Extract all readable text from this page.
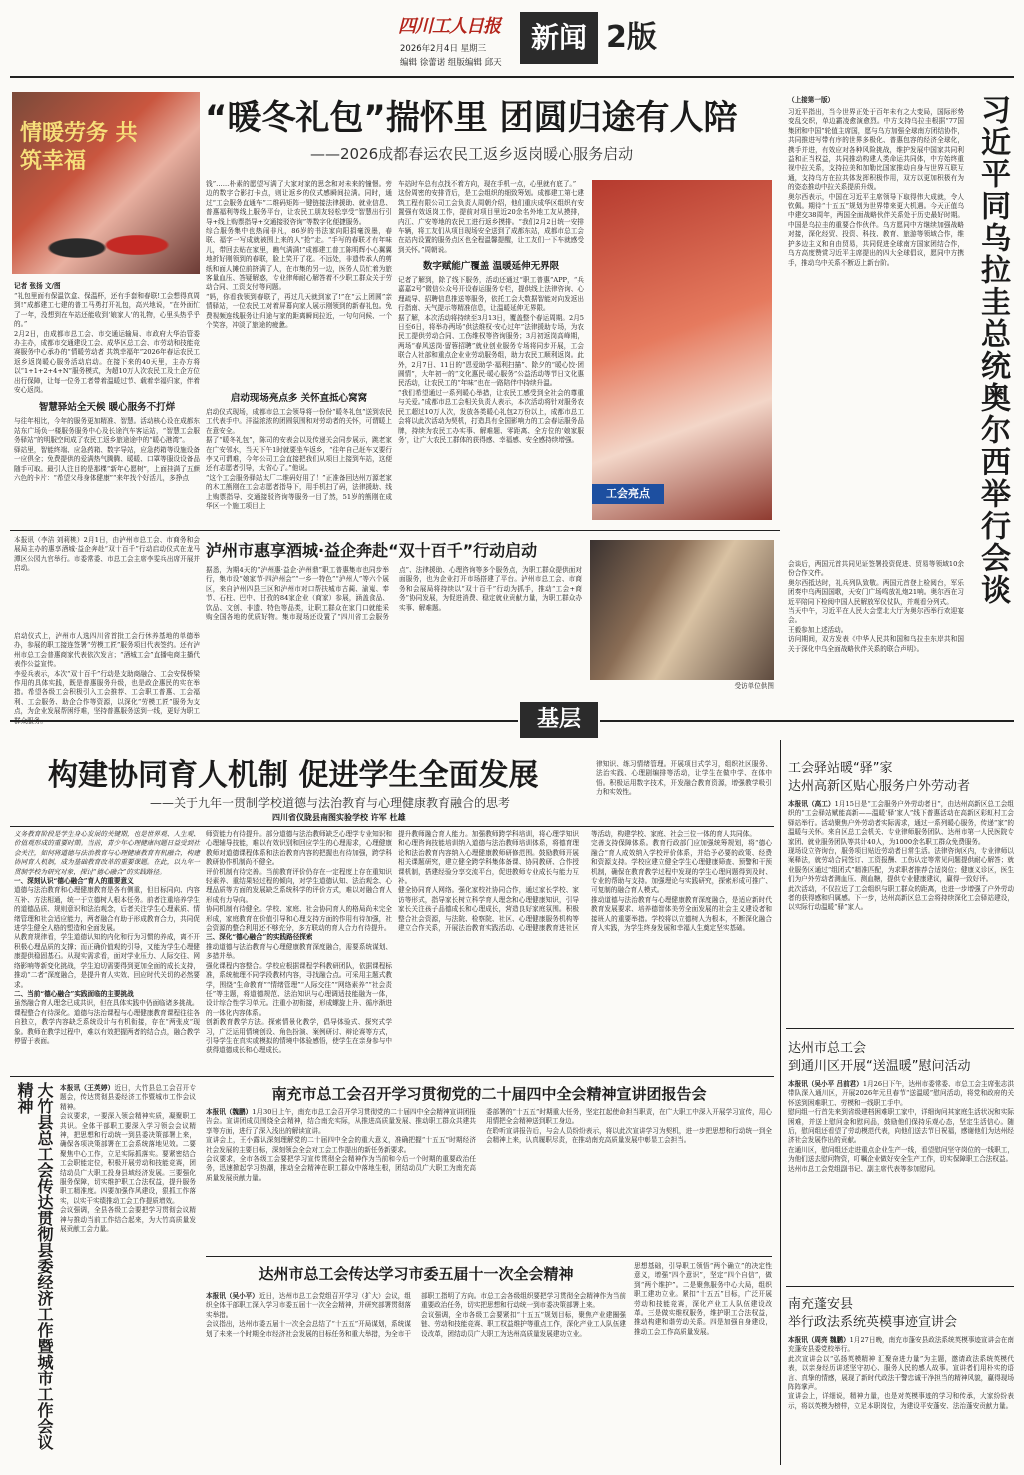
四川工人日报
2026年2月4日 星期三
编辑 徐蕾诺 组版编辑 邱天
新闻 2版
情暖劳务 共筑幸福
“暖冬礼包”揣怀里 团圆归途有人陪
——2026成都春运农民工返乡返岗暖心服务启动
记者 张扬 文/图

“礼包里面有保温饮盒、保温杯，还有手套和春联!工会想得真周到!”成都建工七建的普工马勇打开礼包，高兴地说，“在外面忙了一年，没想到在车站还能收到‘娘家人’的礼物，心里头热乎乎的。”
2月2日，由成都市总工会、市交通运输局、市政府大华治管委办主办，成都市交通建设工会、成华区总工会、市劳动和技能竞赛服务中心承办的“情暖劳动者 共筑幸福年”2026年春运农民工返乡返岗暖心服务活动启动。在接下来的40天里，主办方将以“1+1+2+4+N”服务模式，为超10万人次农民工及土企方位出行保障，让每一位务工者带着温暖过节、载着幸福归家，伴着安心返岗。

智慧驿站全天候 暖心服务不打烊

与往年相比，今年的服务更加精准、智慧。活动核心设在成都东站东广场负一楼服务服务中心及长途汽车客运站，“智慧工会服务驿站”的明服空间成了农民工返乡旅途途中的“暖心港湾”。
驿站里，智能终端、应急药箱、数字导站，应急药箱等设施设备一应俱全；免费提供的爱满热气腾腾、暖暖、口罩等服设设备品随手可取。最引人注目的是那棵“新年心愿树”，上面挂满了五颜六色的卡片：“希望父母身体健康”“来年找个好活儿，多挣点

钱”……朴素的愿望写满了大家对家的思念和对未来的憧憬。旁边的数字合影打卡点，则让返乡的仪式感瞬间拉满。同时，通过“工会服务直通车”二维码矩阵一键链接法律援助、就业信息、普惠福利等线上服务平台，让农民工朋友轻松享受“智慧出行引导+线上购票指导+交通接驳咨询”等数字化便捷服务。
综合服务集中也热闹非凡，86岁的书法家向阳捐毫泼墨，春联、福字一写成就被围上来的人“抢”走。“手写的春联才有年味儿，带回去贴在家里，瞧气满满!”成都建工普工陈明辉小心翼翼地折好刚领到的春联，脸上笑开了花。不远处，非遗传承人的剪纸和面人摊位前挤满了人，在市集的另一边，医务人员忙着为旅客量血压、答疑解惑，专业律师耐心解答着不少职工群众关于劳动合同、工资支付等问题。
“妈，你看我领到春联了，再过几天就到家了!”在“云上团圆”亲情驿站，一位农民工对着屏幕向家人展示刚领到的新春礼包。免费视频连线服务让归途与家的距离瞬间拉近，一句句问候、一个个笑容，冲淡了旅途的疲惫。

启动现场亮点多 关怀直抵心窝窝

启动仪式现场，成都市总工会领导将一份份“暖冬礼包”送到农民工代表手中。洋溢浓浓的团圆氛围和对劳动者的关怀，可谓暖上在意安全。
据了“暖冬礼包”，陈司的安表会以及传递关会同步展示，跳老家在广安邻水，当天下午1时就要坐车返乡，“往年自己赶车又要行李又可谓难，今年公司工会直接把我们从项目上接到车站，这便还有志愿者引导，太省心了。”他说。
“这个工会服务驿站太厂二维码好用了！”正准备回达州万源老家的木工熊刚在工会志愿者指导下，用手机扫了码，法律援助、线上购票指导、交通接驳咨询等服务一目了然，51岁的熊刚在成华区一个施工项目上

车站时车总有点找不着方向，现在手机一点，心里就有底了。”
这份周密的安排背后，是工会组织的细致筹划。成都建工第七建筑工程有限公司工会负责人周朝介绍，他们重庆成华区组织有安置强有效返岗工作，提前对项目里近20余名外地工友从摸排，内江、广安等地的农民工进行返乡摸排。“我们2月2日统一安排车辆，将工友们从项目现场安全送到了成都东站，成都市总工会在站内设置的服务点区也全程温馨提醒，让工友们一下车就感受到关怀。”周朝说。

数字赋能广覆盖 温暖延伸无界限

记者了解到，除了线下服务，活动还通过“职工普惠”APP，“兵嘉嘉2号”微信公众号开设春运服务专栏，提供线上法律咨询、心理疏导、招聘信息推送等服务，依托工会大数据智能对向发返出行指南、天气提示等精准信息，让温暖延伸无界限。
据了解，本次活动将持续至3月13日，覆盖整个春运周期。2月5日至6日，将举办两场“供法维权·安心过年”法律援助专场，为农民工提供劳动合同、工伤维权等咨询服务；3月初返岗高峰期，两场“春风送岗·留蓉招聘”就业创业服务专场将同步开展，工会联合人社部和重点企业业劳动服务组，助力农民工顺利返岗。此外，2月7日、11日的“恩爱助学·福利扫描”、除夕的“暖心饺·团圆情”，大年初一的“文化惠民·暖心服务”公益活动等节日文化惠民活动，让农民工的“年味”也在一路陪伴中持续升温。
“我们希望通过一系列暖心举措，让农民工感受到全社会的尊重与关爱。”成都市总工会相关负责人表示，本次活动将针对服务农民工超过10万人次，发放各类暖心礼包2万份以上，成都市总工会将以此次活动为契机，打造具有全国影响力的工会春运服务品牌，持续为农民工办实事、解难题、零距离、全方位的‘娘家服务’，让广大农民工群体的获得感、幸福感、安全感持续增强。

工会亮点
（上接第一版）
习近平指出，当今世界正处于百年未有之大变局，国际形势变乱交织，单边霸凌愈演愈烈。中方支持乌拉圭根据“77国集团和中国”轮值主席国，愿与乌方加强全球南方团结协作，共同推进写带有序的世界多极化、普惠包容的经济全球化，携手并进，有效应对各种风险挑战，维护发展中国家共同利益和正当权益，共同推动构建人类命运共同体，中方始终重视中拉关系，支持拉美和加勒比国家推动自身与世界互联互通，支持乌方在拉共体发挥积极作用，双方以更加积极有为的姿态推动中拉关系提质升级。
奥尔西表示，中国在习近平主席领导下取得伟大成就，令人钦佩。期待“十五五”规划为世界带来更大机遇。今天正值乌中建交38周年，两国全面战略伙伴关系处于历史最好时期。中国是乌拉圭的重要合作伙伴。乌方愿同中方继续加强战略对接，深化经贸、投资、科技、教育、旅游等领域合作，维护多边主义和自由贸易，共同促进全球南方国家团结合作，乌方高度赞赏习近平主席提出的四大全球倡议，愿同中方携手，推动乌中关系不断迈上新台阶。
会谈后，两国元首共同见证签署投资促进、贸易等领域10余份合作文件。
奥尔西抵达时，礼兵列队致敬。两国元首登上检阅台，军乐团奏中乌两国国歌，天安门广场鸣放礼炮21响。奥尔西在习近平陪同下检阅中国人民解放军仪仗队，并观看分列式。
当天中午，习近平在人民大会堂北大厅为奥尔西举行欢迎宴会。
王毅参加上述活动。
访问期间，双方发表《中华人民共和国和乌拉圭东岸共和国关于深化中乌全面战略伙伴关系的联合声明》。
习近平同乌拉圭总统奥尔西举行会谈
本报讯（李洁 刘莉桃）2月1日，由泸州市总工会、市商务和会展局主办的惠享酒城·益企奔赴“双十百千”行动启动仪式在龙马潭区公园九官举行。市委常委、市总工会主席李雯兵出席开展并启动。
泸州市惠享酒城·益企奔赴“双十百千”行动启动
启动仪式上，泸州市人选四川省首批工会行休养基地的单德举办，参展的职工接连签署“劳模工匠”服务项目代表签约。还有泸州市总工会普惠商家代表依次发言；“酒城工会”直播电商主播代表作公益宣传。
李爱兵表示，本次“双十百千”行动是支助商融合、工会安保桥梁作用的具体实践，既是普惠服务升级，也是政企惠民的实在举措。希望各级工会积极引入工会推荐、工会职工普惠、工会福利、工会服务、助企合作等资源，以深化“劳模工匠”服务为支点，为企业发展帮困纾难，坚持普惠服务送到一线，更好为职工
据悉，为期4天的“泸州惠·益企·泸州鼎”职工普惠集市也同步举行，集市设“娘家节·四泸州会”“一乡一特色”“泸州人”等六个展区，来自泸州四县三区和泸州市对口帮扶城市古蔺、渝嵬、奉节、石柱、巴中、甘孜的84家企业（商家）参展，涵盖食品、饮品、文创、非遗、特色等品类，让职工群众在家门口就能采购全国各地的优质好物。集市现场还设置了“四川省工会服务点”、法律援助、心理咨询等多个服务点，为职工群众提供面对面服务，也为企业打开市场搭建了平台。泸州市总工会、市商务和会展局将持续以“双十百千”行动为抓手，推动“工会+商务”协同发展，为促进消费、稳定就业贡献力量，为职工群众办实事、解难题。
受访单位供图
基层
构建协同育人机制 促进学生全面发展
——关于九年一贯制学校道德与法治教育与心理健康教育融合的思考
四川省仪陇县南图实验学校 许军 杜雄
律知识、练习情绪管理。开展项目式学习，组织社区服务、法治实践、心理剧编排等活动，让学生在做中学、在体中悟。积极运用数字技术，开发融合教育资源，增强教学吸引力和实效性。

义务教育阶段是学生身心发展的关键期，也是世界观、人生观、价值观形成的重要时期。当前，青少年心理健康问题日益受到社会关注，如何将道德与法治教育与心理健康教育有机融合，构建协同育人机制，成为基础教育改革的重要课题。在此，以九年一贯制学校为研究对象，探讨“德心融合”的实践路径。

一、深刻认识“德心融合”育人的重要意义

道德与法治教育和心理健康教育是各有侧重，但目标同向、内容互补、方法相通，统一于立德树人根本任务。前者注重培养学生的道德品质、规则意识和法治观念，后者关注学生心理素质、情绪管理和社会适应能力，两者融合有助于形成教育合力，共同促进学生健全人格的塑造和全面发展。
从教育规律看，学生道德认知的内化和行为习惯的养成，离不开积极心理品质的支撑；而正确价值观的引导，又能为学生心理健康提供稳固基石。从现实需求看，面对学业压力、人际交往、网络影响等新变化挑战，学生迫切需要得到更加全面的成长支持，推动“二者”深度融合，是提升育人实效、回应时代关切的必然要求。

二、当前“德心融合”实践面临的主要挑战

虽然融合育人理念已成共识，但在具体实践中仍面临诸多挑战。
课程整合有待深化。道德与法治课程与心理健康教育课程往往各自独立，教学内容缺乏系统设计与有机衔接，存在“两张皮”现象。教师在教学过程中，难以有效把握两者的结合点，融合教学停留于表面。

师资能力有待提升。部分道德与法治教师缺乏心理学专业知识和心理辅导技能，难以有效识别和回应学生的心理需求，心理健康教师对道德课程体系和法治教育内容的把握也有待加强，跨学科教研协作机制尚不健全。
评价机制有待完善。当前教育评价仍存在一定程度上存在重知识轻素养、重结果轻过程的倾向，对学生道德认知、法治观念、心理品质等方面的发展缺乏系统科学的评价方式，难以对融合育人形成有力导向。
协同机制有待健全。学校、家庭、社会协同育人的格局尚未完全形成，家庭教育在价值引导和心理支持方面的作用有待加强，社会资源的整合利用还不够充分，多方联动的育人合力有待提升。

三、深化“德心融合”的实践路径探索

推动道德与法治教育与心理健康教育深度融合，需要系统谋划、多措并举。
强化课程内容整合。学校应根据课程学科教研团队，依据课程标准，系统梳理不同学段教材内容，寻找融合点。可采用主题式教学，围绕“生命教育”“情绪管理”“人际交往”“网络素养”“社会责任”等主题，将道德规范、法治知识与心理调适技能融为一体，设计综合性学习单元。注重小初衔接，形成螺旋上升、循序渐进的一体化内容体系。
创新教育教学方法。探索情景化教学，倡导体验式、探究式学习，广泛运用情境创设、角色扮演、案例研讨、辩论赛等方式，引导学生在真实或模拟的情境中体验感悟，使学生在亲身参与中获得道德成长和心理成长。

提升教师融合育人能力。加强教师跨学科培训，将心理学知识和心理咨询技能培训纳入道德与法治教师培训体系，将德育理论和法治教育内容纳入心理健康教师研修范围。鼓励教师开展相关课题研究，建立健全跨学科集体备课、协同教研、合作授课机制，搭建经验分享交流平台，促进教师专业成长与能力互补。
健全协同育人网络。强化家校社协同合作，通过家长学校、家访等形式，指导家长树立科学育人理念和心理健康知识，引导家长关注孩子品德成长和心理成长，营造良好家庭氛围。积极整合社会资源，与法院、检察院、社区、心理健康服务机构等建立合作关系，开展法治教育实践活动、心理健康教育进社区等活动，构建学校、家庭、社会三位一体的育人共同体。
完善支持保障体系。教育行政部门应加强统筹规划，将“德心融合”育人成效纳入学校评价体系，并给予必要的政策、经费和资源支持。学校应建立健全学生心理健康筛查、预警和干预机制，确保在教育教学过程中发现的学生心理问题得到及时、专业的帮助与支持。加强理论与实践研究，探索形成可推广、可复制的融合育人模式。
推动道德与法治教育与心理健康教育深度融合，是适应新时代教育发展要求、培养德智体美劳全面发展的社会主义建设者和接班人的重要举措。学校将以立德树人为根本，不断深化融合育人实践，为学生终身发展和幸福人生奠定坚实基础。
工会驿站暖“驿”家
达州高新区贴心服务户外劳动者
本报讯（高工）1月15日是“工会服务户外劳动者日”，由达州高新区总工会组织的“工会驿站赋能高新——温暖‘驿’家人”线下普惠活动在高新区彩虹村工会驿站举行。活动聚焦户外劳动者实际需求，通过一系列暖心服务，传递“家”的温暖与关怀。来自区总工会机关、专业律师服务团队、达州市第一人民医院专家团、就业服务团队等共计40人，为1000余名职工群众免费服务。
现场设立咨询台，服务项目贴近劳动者日常生活。法律咨询区内，专业律师以案释法，就劳动合同签订、工资报酬、工伤认定等常见问题提供耐心解答；就业服务区通过“组团式”精准匹配，为求职者推荐合适岗位；健康义诊区，医生们为户外劳动者测血压、测血糖，提供专业健康建议，赢得一致好评。
此次活动，不仅拉近了工会组织与职工群众的距离，也进一步增强了户外劳动者的获得感和归属感。下一步，达州高新区总工会将持续深化工会驿站建设，以实际行动温暖“驿”家人。
达州市总工会
到通川区开展“送温暖”慰问活动
本报讯（吴小平 吕前君）1月26日下午，达州市委常委、市总工会主席张志洪带队深入通川区，开展2026年元旦春节“送温暖”慰问活动，将党和政府的关怀送到困难职工、劳模和一线职工手中。
慰问组一行首先来到省级建档困难职工家中，详细询问其家庭生活状况和实际困难，并送上慰问金和慰问品，鼓励他们保持乐观心态，坚定生活信心。随后，慰问组还看望了劳动模范代表，向他们送去节日祝福，感谢他们为达州经济社会发展作出的贡献。
在通川区，慰问组还走进重点企业生产一线，看望慰问坚守岗位的一线职工，为他们送去慰问物资，叮嘱企业做好安全生产工作，切实保障职工合法权益。
达州市总工会党组副书记、副主席代表等参加慰问。
南充蓬安县
举行政法系统英模事迹宣讲会
本报讯（周亮 魏鹏）1月27日晚，南充市蓬安县政法系统英模事迹宣讲会在南充蓬安县委党校举行。
此次宣讲会以“弘扬英模精神 汇聚奋进力量”为主题，邀请政法系统英模代表，以亲身经历讲述坚守初心、服务人民的感人故事。宣讲者们用朴实的语言、真挚的情感，展现了新时代政法干警忠诚干净担当的精神风貌，赢得现场阵阵掌声。
宣讲会上，详细说，精神力量，也是对英模事迹的学习和传承，大家纷纷表示，将以英模为榜样，立足本职岗位，为建设平安蓬安、法治蓬安贡献力量。
大竹县总工会传达贯彻县委经济工作暨城市工作会议精神	本报讯（王英婷）近日，大竹县总工会召开专题会，传达贯彻县委经济工作暨城市工作会议精神。
会议要求，一要深入领会精神实质，凝聚职工共识。全体干部职工要深入学习领会会议精神，把思想和行动统一到县委决策部署上来，确保各项决策部署在工会系统落地见效。二要聚焦中心工作，立足实际抓落实。要紧密结合工会职能定位，积极开展劳动和技能竞赛，团结动员广大职工投身县域经济发展。三要强化服务保障，切实维护职工合法权益，提升服务职工精准度。四要加强作风建设，狠抓工作落实，以实干实绩推动工会工作提质增效。
会议强调，全县各级工会要把学习贯彻会议精神与推动当前工作结合起来，为大竹高质量发展贡献工会力量。
南充市总工会召开学习贯彻党的二十届四中全会精神宣讲团报告会
本报讯（魏鹏）1月30日上午，南充市总工会召开学习贯彻党的二十届四中全会精神宣讲团报告会。宣讲团成员围绕全会精神，结合南充实际，从推进高质量发展、推动职工群众共建共享等方面，进行了深入浅出的解读宣讲。
宣讲会上，王小露认深刻理解党的二十届四中全会的重大意义，准确把握“十五五”时期经济社会发展的主要目标，深刻领会全会对工会工作提出的新任务新要求。
会议要求，全市各级工会要把学习宣传贯彻全会精神作为当前和今后一个时期的重要政治任务，迅速掀起学习热潮，推动全会精神在职工群众中落地生根，团结动员广大职工为南充高质量发展贡献力量。
委部署的“十五五”时期重大任务，坚定扛起使命担当职责，在广大职工中深入开展学习宣传，用心用情把全会精神送到职工身边。
在聆听宣讲报告后，与会人员纷纷表示，将以此次宣讲学习为契机，进一步把思想和行动统一到全会精神上来，认真履职尽责，在推动南充高质量发展中彰显工会担当。
达州市总工会传达学习市委五届十一次全会精神
本报讯（吴小平）近日，达州市总工会党组召开学习（扩大）会议，组织全体干部职工深入学习市委五届十一次全会精神，并研究部署贯彻落实举措。
会议指出，达州市委五届十一次全会总结了“十五五”开局谋划，系统谋划了未来一个时期全市经济社会发展的目标任务和重大举措，为全市干部职工指明了方向。市总工会各级组织要把学习贯彻全会精神作为当前重要政治任务，切实把思想和行动统一到市委决策部署上来。
会议强调，全市各级工会要紧扣“十五五”规划目标，聚焦产业建圈强链、劳动和技能竞赛、职工权益维护等重点工作，深化产业工人队伍建设改革，团结动员广大职工为达州高质量发展建功立业。
思想基础，引导职工领悟“两个确立”的决定性意义，增强“四个意识”，坚定“四个自信”，做到“两个维护”。二是聚焦服务中心大局，组织职工建功立业。紧扣“十五五”目标，广泛开展劳动和技能竞赛，深化产业工人队伍建设改革。三是做实维权服务，维护职工合法权益，推动构建和谐劳动关系。四是加强自身建设，推动工会工作高质量发展。
